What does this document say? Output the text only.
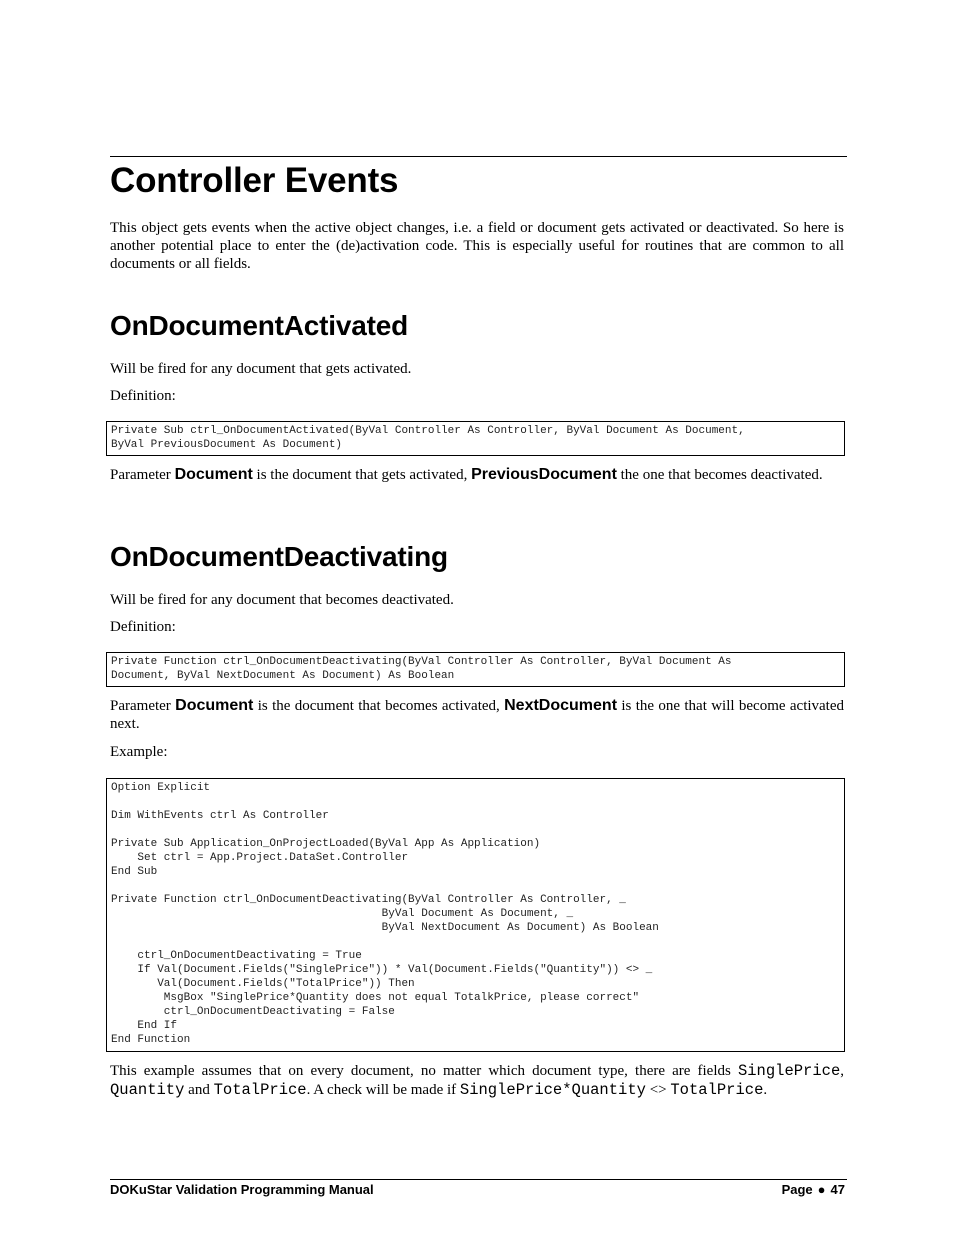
Controller Events

This object gets events when the active object changes, i.e. a field or document gets activated or deactivated. So here is another potential place to enter the (de)activation code. This is especially useful for routines that are common to all documents or all fields.

OnDocumentActivated

Will be fired for any document that gets activated.

Definition:

Private Sub ctrl_OnDocumentActivated(ByVal Controller As Controller, ByVal Document As Document,
ByVal PreviousDocument As Document)

Parameter Document is the document that gets activated, PreviousDocument the one that becomes deactivated.

OnDocumentDeactivating

Will be fired for any document that becomes deactivated.

Definition:

Private Function ctrl_OnDocumentDeactivating(ByVal Controller As Controller, ByVal Document As
Document, ByVal NextDocument As Document) As Boolean

Parameter Document is the document that becomes activated, NextDocument is the one that will become activated next.

Example:

Option Explicit

Dim WithEvents ctrl As Controller

Private Sub Application_OnProjectLoaded(ByVal App As Application)
Set ctrl = App.Project.DataSet.Controller
End Sub

Private Function ctrl_OnDocumentDeactivating(ByVal Controller As Controller, _
ByVal Document As Document, _
ByVal NextDocument As Document) As Boolean

ctrl_OnDocumentDeactivating = True
If Val(Document.Fields("SinglePrice")) * Val(Document.Fields("Quantity")) <> _
Val(Document.Fields("TotalPrice")) Then
MsgBox "SinglePrice*Quantity does not equal TotalkPrice, please correct"
ctrl_OnDocumentDeactivating = False
End If
End Function

This example assumes that on every document, no matter which document type, there are fields SinglePrice, Quantity and TotalPrice. A check will be made if SinglePrice*Quantity <> TotalPrice.

DOKuStar Validation Programming Manual	Page ● 47
